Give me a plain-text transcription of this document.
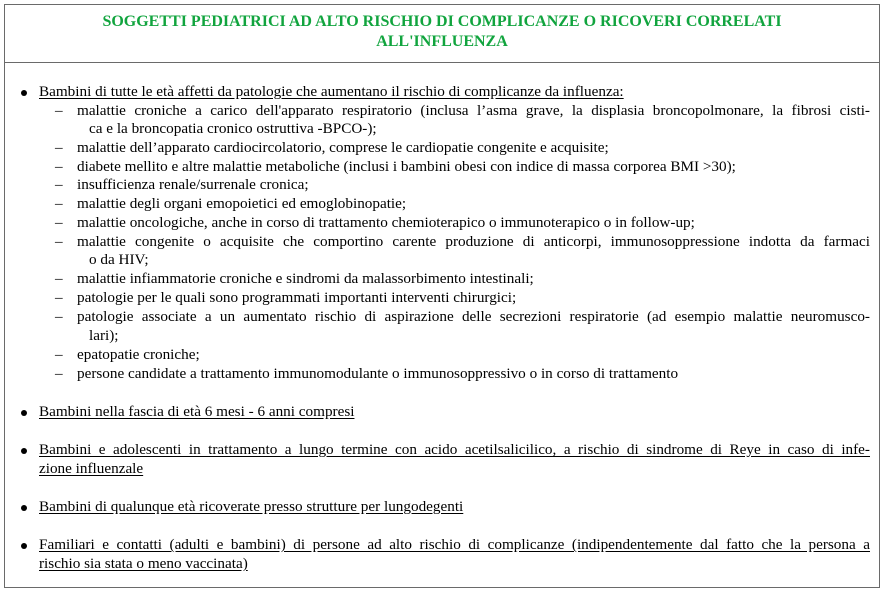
SOGGETTI PEDIATRICI AD ALTO RISCHIO DI COMPLICANZE O RICOVERI CORRELATI
ALL'INFLUENZA
Bambini di tutte le età affetti da patologie che aumentano il rischio di complicanze da influenza:
– malattie croniche a carico dell'apparato respiratorio (inclusa l’asma grave, la displasia broncopolmonare, la fibrosi cisti-
ca e la broncopatia cronico ostruttiva -BPCO-);
– malattie dell’apparato cardiocircolatorio, comprese le cardiopatie congenite e acquisite;
– diabete mellito e altre malattie metaboliche (inclusi i bambini obesi con indice di massa corporea BMI >30);
– insufficienza renale/surrenale cronica;
– malattie degli organi emopoietici ed emoglobinopatie;
– malattie oncologiche, anche in corso di trattamento chemioterapico o immunoterapico o in follow-up;
– malattie congenite o acquisite che comportino carente produzione di anticorpi, immunosoppressione indotta da farmaci
o da HIV;
– malattie infiammatorie croniche e sindromi da malassorbimento intestinali;
– patologie per le quali sono programmati importanti interventi chirurgici;
– patologie associate a un aumentato rischio di aspirazione delle secrezioni respiratorie (ad esempio malattie neuromusco-
lari);
– epatopatie croniche;
– persone candidate a trattamento immunomodulante o immunosoppressivo o in corso di trattamento
Bambini nella fascia di età 6 mesi - 6 anni compresi
Bambini e adolescenti in trattamento a lungo termine con acido acetilsalicilico, a rischio di sindrome di Reye in caso di infe-
zione influenzale
Bambini di qualunque età ricoverate presso strutture per lungodegenti
Familiari e contatti (adulti e bambini) di persone ad alto rischio di complicanze (indipendentemente dal fatto che la persona a
rischio sia stata o meno vaccinata)
